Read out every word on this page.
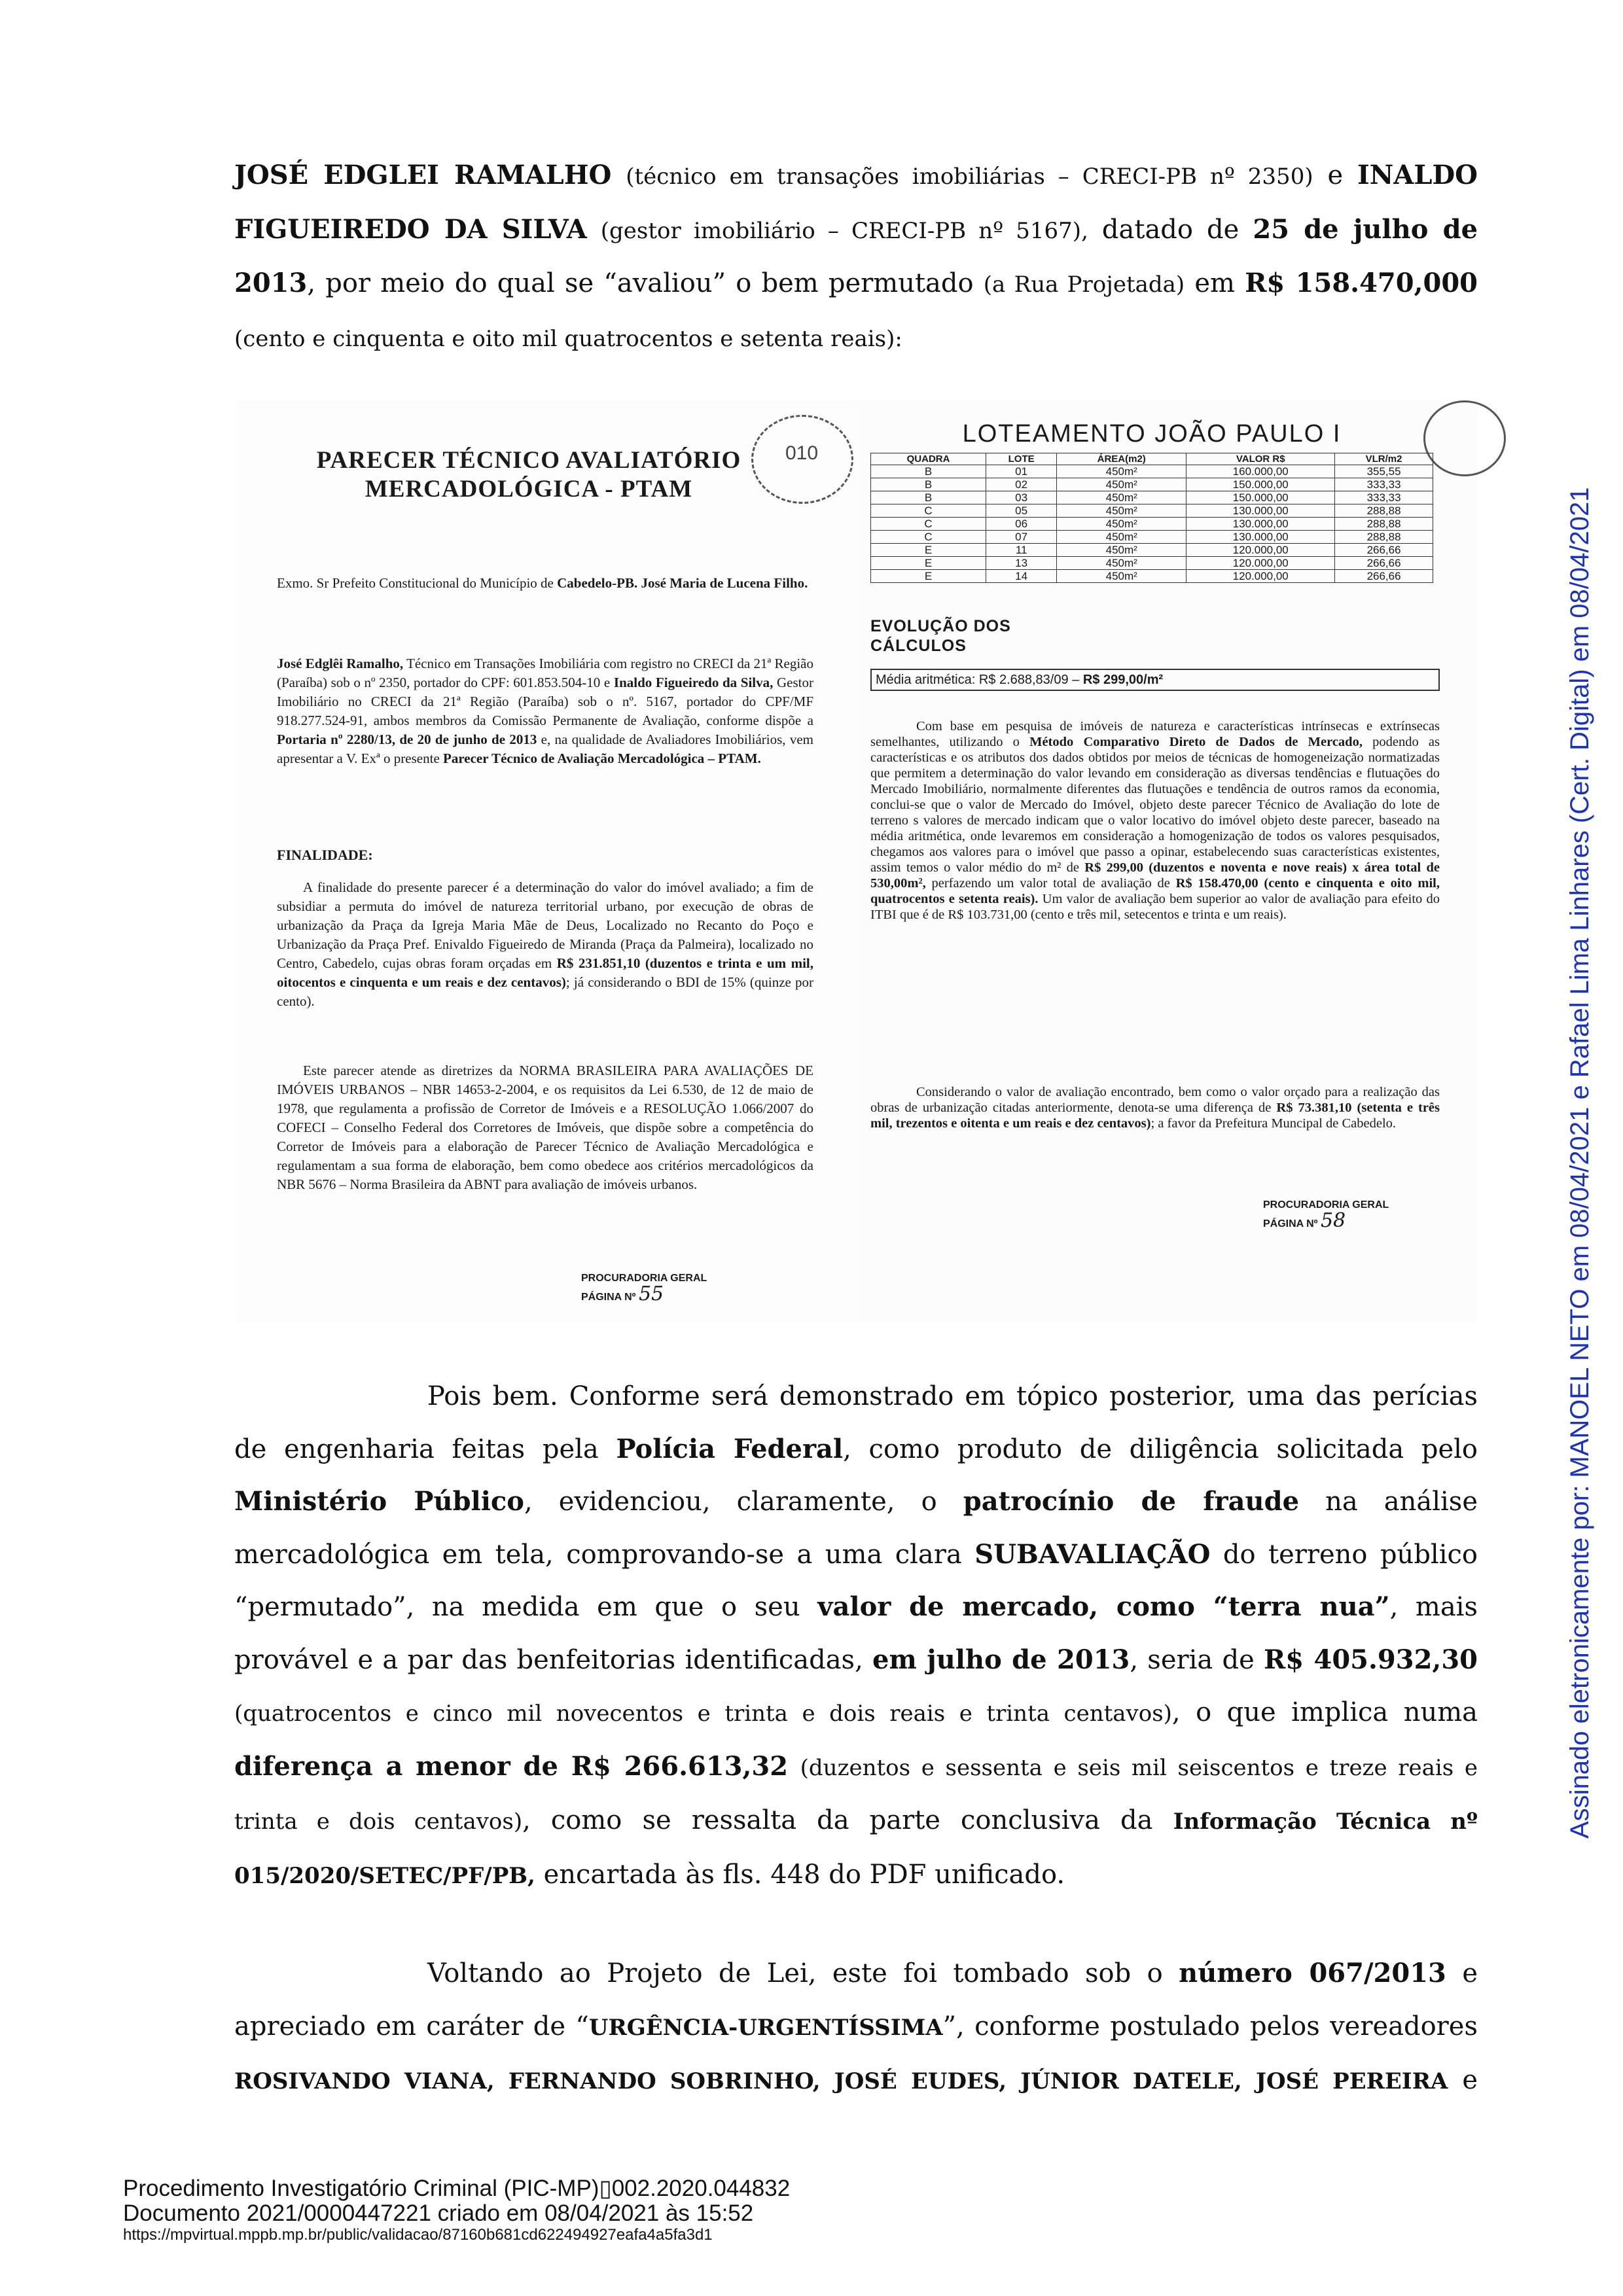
JOSÉ EDGLEI RAMALHO (técnico em transações imobiliárias – CRECI-PB nº 2350) e INALDO FIGUEIREDO DA SILVA (gestor imobiliário – CRECI-PB nº 5167), datado de 25 de julho de 2013, por meio do qual se “avaliou” o bem permutado (a Rua Projetada) em R$ 158.470,000 (cento e cinquenta e oito mil quatrocentos e setenta reais):

PARECER TÉCNICO AVALIATÓRIO MERCADOLÓGICA - PTAM
010
Exmo. Sr Prefeito Constitucional do Município de Cabedelo-PB. José Maria de Lucena Filho.
José Edglêi Ramalho, Técnico em Transações Imobiliária com registro no CRECI da 21ª Região (Paraíba) sob o nº 2350, portador do CPF: 601.853.504-10 e Inaldo Figueiredo da Silva, Gestor Imobiliário no CRECI da 21ª Região (Paraíba) sob o nº. 5167, portador do CPF/MF 918.277.524-91, ambos membros da Comissão Permanente de Avaliação, conforme dispõe a Portaria nº 2280/13, de 20 de junho de 2013 e, na qualidade de Avaliadores Imobiliários, vem apresentar a V. Exª o presente Parecer Técnico de Avaliação Mercadológica – PTAM.
FINALIDADE:
A finalidade do presente parecer é a determinação do valor do imóvel avaliado; a fim de subsidiar a permuta do imóvel de natureza territorial urbano, por execução de obras de urbanização da Praça da Igreja Maria Mãe de Deus, Localizado no Recanto do Poço e Urbanização da Praça Pref. Enivaldo Figueiredo de Miranda (Praça da Palmeira), localizado no Centro, Cabedelo, cujas obras foram orçadas em R$ 231.851,10 (duzentos e trinta e um mil, oitocentos e cinquenta e um reais e dez centavos); já considerando o BDI de 15% (quinze por cento).
Este parecer atende as diretrizes da NORMA BRASILEIRA PARA AVALIAÇÕES DE IMÓVEIS URBANOS – NBR 14653-2-2004, e os requisitos da Lei 6.530, de 12 de maio de 1978, que regulamenta a profissão de Corretor de Imóveis e a RESOLUÇÃO 1.066/2007 do COFECI – Conselho Federal dos Corretores de Imóveis, que dispõe sobre a competência do Corretor de Imóveis para a elaboração de Parecer Técnico de Avaliação Mercadológica e regulamentam a sua forma de elaboração, bem como obedece aos critérios mercadológicos da NBR 5676 – Norma Brasileira da ABNT para avaliação de imóveis urbanos.
PROCURADORIA GERAL
PÁGINA Nº 55
LOTEAMENTO JOÃO PAULO I
QUADRA	LOTE	ÁREA(m2)	VALOR R$	VLR/m2
B	01	450m²	160.000,00	355,55
B	02	450m²	150.000,00	333,33
B	03	450m²	150.000,00	333,33
C	05	450m²	130.000,00	288,88
C	06	450m²	130.000,00	288,88
C	07	450m²	130.000,00	288,88
E	11	450m²	120.000,00	266,66
E	13	450m²	120.000,00	266,66
E	14	450m²	120.000,00	266,66
EVOLUÇÃO DOS CÁLCULOS
Média aritmética: R$ 2.688,83/09 – R$ 299,00/m²
Com base em pesquisa de imóveis de natureza e características intrínsecas e extrínsecas semelhantes, utilizando o Método Comparativo Direto de Dados de Mercado, podendo as características e os atributos dos dados obtidos por meios de técnicas de homogeneização normatizadas que permitem a determinação do valor levando em consideração as diversas tendências e flutuações do Mercado Imobiliário, normalmente diferentes das flutuações e tendência de outros ramos da economia, conclui-se que o valor de Mercado do Imóvel, objeto deste parecer Técnico de Avaliação do lote de terreno s valores de mercado indicam que o valor locativo do imóvel objeto deste parecer, baseado na média aritmética, onde levaremos em consideração a homogenização de todos os valores pesquisados, chegamos aos valores para o imóvel que passo a opinar, estabelecendo suas características existentes, assim temos o valor médio do m² de R$ 299,00 (duzentos e noventa e nove reais) x área total de 530,00m², perfazendo um valor total de avaliação de R$ 158.470,00 (cento e cinquenta e oito mil, quatrocentos e setenta reais). Um valor de avaliação bem superior ao valor de avaliação para efeito do ITBI que é de R$ 103.731,00 (cento e três mil, setecentos e trinta e um reais).
Considerando o valor de avaliação encontrado, bem como o valor orçado para a realização das obras de urbanização citadas anteriormente, denota-se uma diferença de R$ 73.381,10 (setenta e três mil, trezentos e oitenta e um reais e dez centavos); a favor da Prefeitura Muncipal de Cabedelo.
PROCURADORIA GERAL
PÁGINA Nº 58

Pois bem. Conforme será demonstrado em tópico posterior, uma das perícias de engenharia feitas pela Polícia Federal, como produto de diligência solicitada pelo Ministério Público, evidenciou, claramente, o patrocínio de fraude na análise mercadológica em tela, comprovando-se a uma clara SUBAVALIAÇÃO do terreno público “permutado”, na medida em que o seu valor de mercado, como “terra nua”, mais provável e a par das benfeitorias identificadas, em julho de 2013, seria de R$ 405.932,30 (quatrocentos e cinco mil novecentos e trinta e dois reais e trinta centavos), o que implica numa diferença a menor de R$ 266.613,32 (duzentos e sessenta e seis mil seiscentos e treze reais e trinta e dois centavos), como se ressalta da parte conclusiva da Informação Técnica nº 015/2020/SETEC/PF/PB, encartada às fls. 448 do PDF unificado.

Voltando ao Projeto de Lei, este foi tombado sob o número 067/2013 e apreciado em caráter de “URGÊNCIA-URGENTÍSSIMA”, conforme postulado pelos vereadores ROSIVANDO VIANA, FERNANDO SOBRINHO, JOSÉ EUDES, JÚNIOR DATELE, JOSÉ PEREIRA e

Assinado eletronicamente por: MANOEL NETO em 08/04/2021 e Rafael Lima Linhares (Cert. Digital) em 08/04/2021
Procedimento Investigatório Criminal (PIC-MP)▯002.2020.044832
Documento 2021/0000447221 criado em 08/04/2021 às 15:52
https://mpvirtual.mppb.mp.br/public/validacao/87160b681cd622494927eafa4a5fa3d1
